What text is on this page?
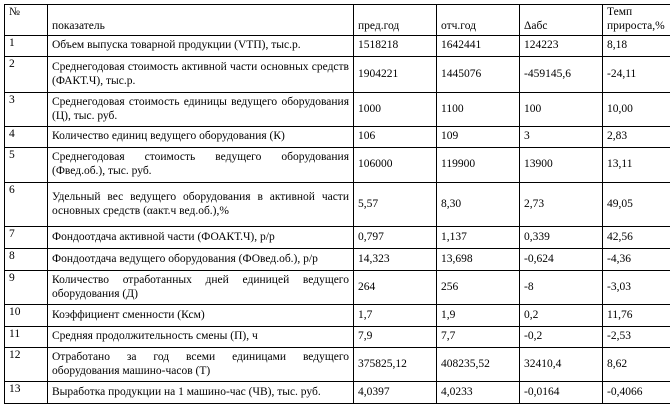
№	показатель	пред.год	отч.год	Δабс	Темп прироста,%
1	Объем выпуска товарной продукции (VТП), тыс.р.	1518218	1642441	124223	8,18
2	Среднегодовая стоимость активной части основных средств (ФАКТ.Ч), тыс.р.	1904221	1445076	-459145,6	-24,11
3	Среднегодовая стоимость единицы ведущего оборудования (Ц), тыс. руб.	1000	1100	100	10,00
4	Количество единиц ведущего оборудования (К)	106	109	3	2,83
5	Среднегодовая стоимость ведущего оборудования (Фвед.об.), тыс. руб.	106000	119900	13900	13,11
6	Удельный вес ведущего оборудования в активной части основных средств (αакт.ч вед.об.),%	5,57	8,30	2,73	49,05
7	Фондоотдача активной части (ФОАКТ.Ч), р/р	0,797	1,137	0,339	42,56
8	Фондоотдача ведущего оборудования (ФОвед.об.), р/р	14,323	13,698	-0,624	-4,36
9	Количество отработанных дней единицей ведущего оборудования (Д)	264	256	-8	-3,03
10	Коэффициент сменности (Ксм)	1,7	1,9	0,2	11,76
11	Средняя продолжительность смены (П), ч	7,9	7,7	-0,2	-2,53
12	Отработано за год всеми единицами ведущего оборудования машино-часов (Т)	375825,12	408235,52	32410,4	8,62
13	Выработка продукции на 1 машино-час (ЧВ), тыс. руб.	4,0397	4,0233	-0,0164	-0,4066
